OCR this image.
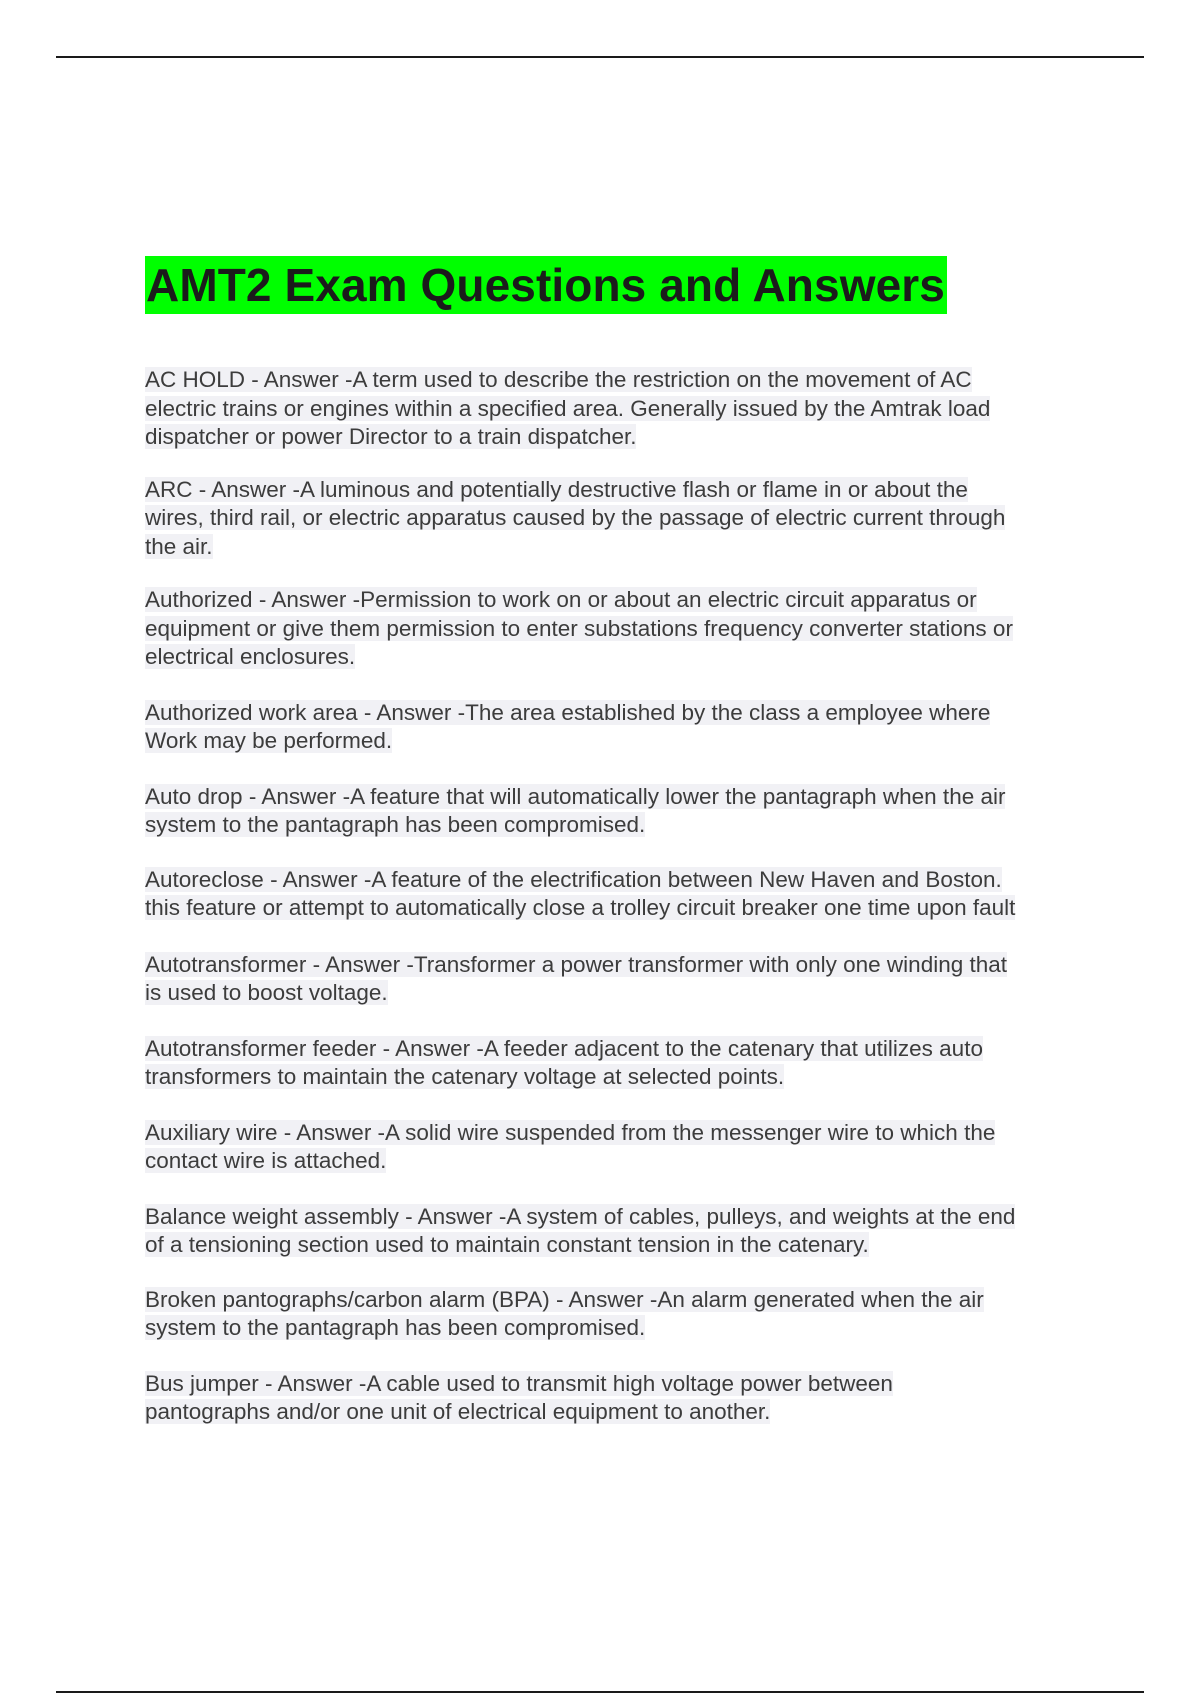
AMT2 Exam Questions and Answers

AC HOLD - Answer -A term used to describe the restriction on the movement of AC
electric trains or engines within a specified area. Generally issued by the Amtrak load
dispatcher or power Director to a train dispatcher.

ARC - Answer -A luminous and potentially destructive flash or flame in or about the
wires, third rail, or electric apparatus caused by the passage of electric current through
the air.

Authorized - Answer -Permission to work on or about an electric circuit apparatus or
equipment or give them permission to enter substations frequency converter stations or
electrical enclosures.

Authorized work area - Answer -The area established by the class a employee where
Work may be performed.

Auto drop - Answer -A feature that will automatically lower the pantagraph when the air
system to the pantagraph has been compromised.

Autoreclose - Answer -A feature of the electrification between New Haven and Boston.
this feature or attempt to automatically close a trolley circuit breaker one time upon fault

Autotransformer - Answer -Transformer a power transformer with only one winding that
is used to boost voltage.

Autotransformer feeder - Answer -A feeder adjacent to the catenary that utilizes auto
transformers to maintain the catenary voltage at selected points.

Auxiliary wire - Answer -A solid wire suspended from the messenger wire to which the
contact wire is attached.

Balance weight assembly - Answer -A system of cables, pulleys, and weights at the end
of a tensioning section used to maintain constant tension in the catenary.

Broken pantographs/carbon alarm (BPA) - Answer -An alarm generated when the air
system to the pantagraph has been compromised.

Bus jumper - Answer -A cable used to transmit high voltage power between
pantographs and/or one unit of electrical equipment to another.
